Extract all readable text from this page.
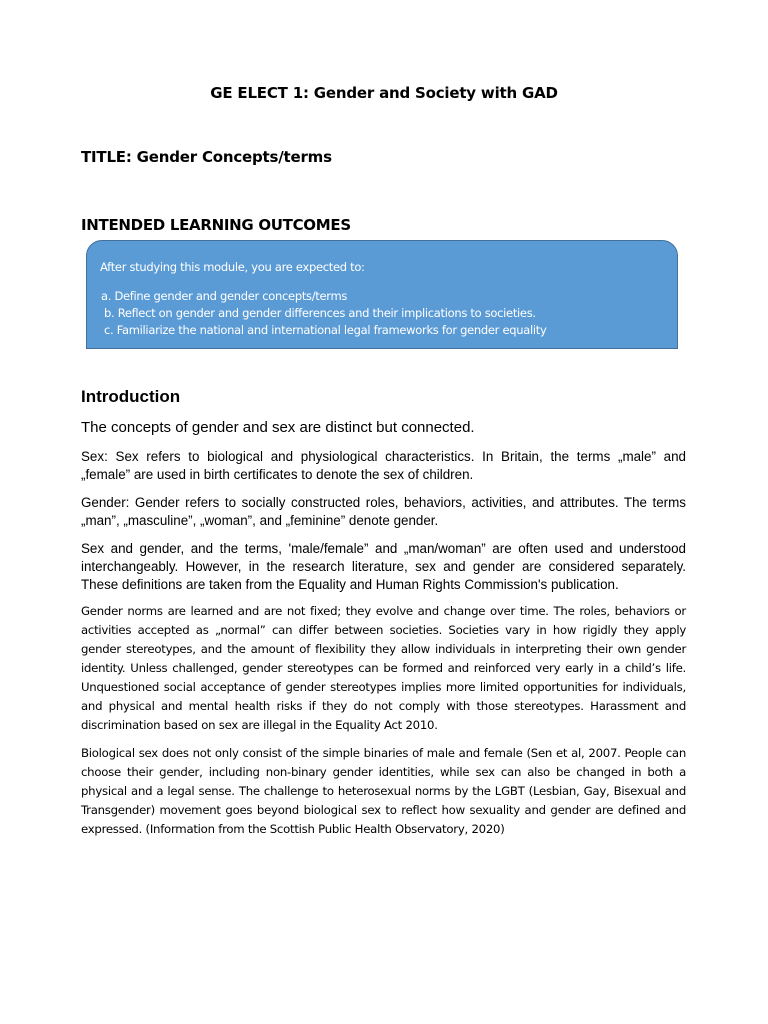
GE ELECT 1: Gender and Society with GAD
TITLE: Gender Concepts/terms
INTENDED LEARNING OUTCOMES
After studying this module, you are expected to:
a. Define gender and gender concepts/terms
b. Reflect on gender and gender differences and their implications to societies.
c. Familiarize the national and international legal frameworks for gender equality
Introduction
The concepts of gender and sex are distinct but connected.

Sex: Sex refers to biological and physiological characteristics. In Britain, the terms „male” and „female” are used in birth certificates to denote the sex of children.

Gender: Gender refers to socially constructed roles, behaviors, activities, and attributes. The terms „man”, „masculine”, „woman”, and „feminine” denote gender.

Sex and gender, and the terms, 'male/female” and „man/woman” are often used and understood interchangeably. However, in the research literature, sex and gender are considered separately. These definitions are taken from the Equality and Human Rights Commission's publication.

Gender norms are learned and are not fixed; they evolve and change over time. The roles, behaviors or activities accepted as „normal” can differ between societies. Societies vary in how rigidly they apply gender stereotypes, and the amount of flexibility they allow individuals in interpreting their own gender identity. Unless challenged, gender stereotypes can be formed and reinforced very early in a child’s life. Unquestioned social acceptance of gender stereotypes implies more limited opportunities for individuals, and physical and mental health risks if they do not comply with those stereotypes. Harassment and discrimination based on sex are illegal in the Equality Act 2010.

Biological sex does not only consist of the simple binaries of male and female (Sen et al, 2007. People can choose their gender, including non-binary gender identities, while sex can also be changed in both a physical and a legal sense. The challenge to heterosexual norms by the LGBT (Lesbian, Gay, Bisexual and Transgender) movement goes beyond biological sex to reflect how sexuality and gender are defined and expressed. (Information from the Scottish Public Health Observatory, 2020)
